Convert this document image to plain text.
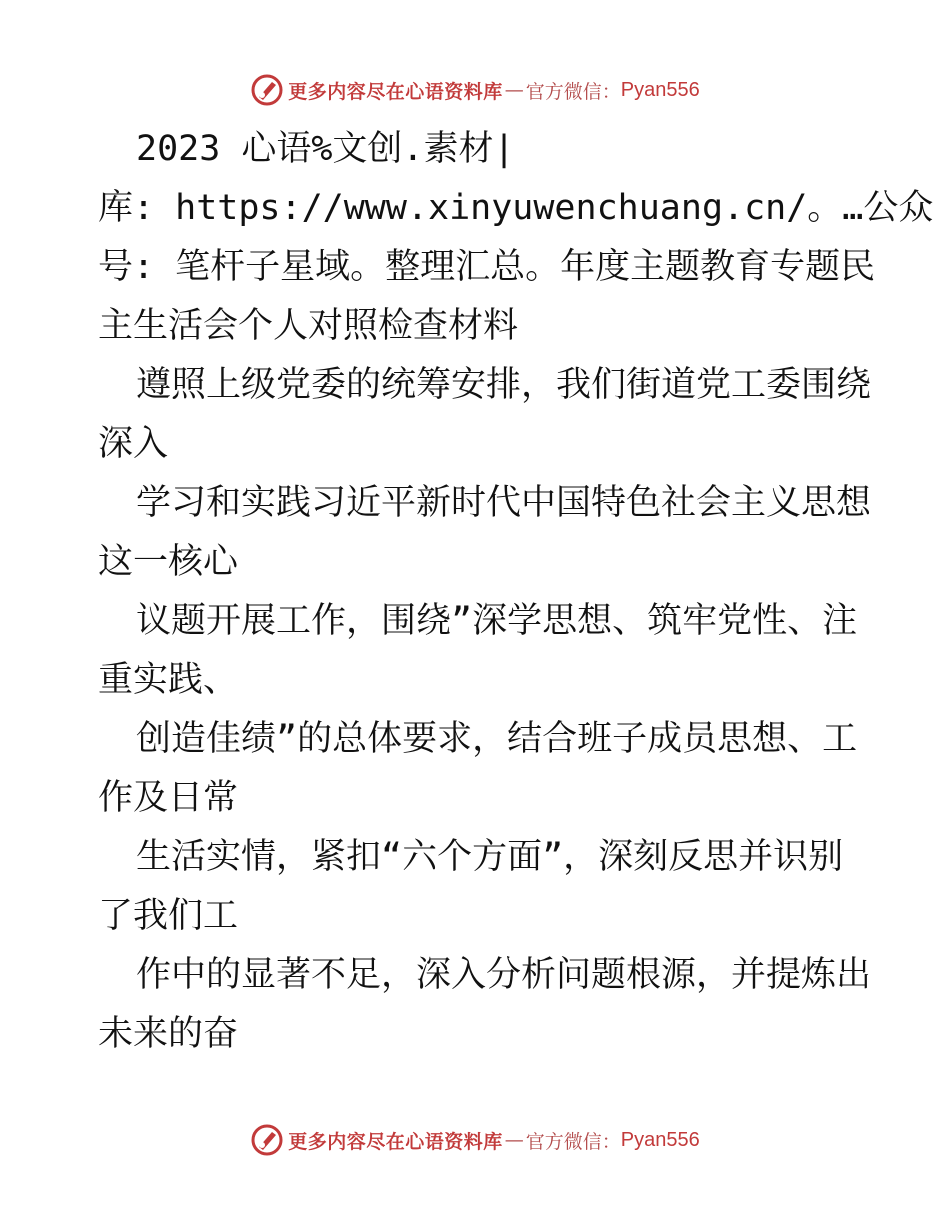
更多内容尽在心语资料库 — 官方微信： Pyan556
2023 心语%文创.素材|
库: https://www.xinyuwenchuang.cn/。…公众
号: 笔杆子星域。整理汇总。年度主题教育专题民
主生活会个人对照检查材料
遵照上级党委的统筹安排，我们街道党工委围绕
深入
学习和实践习近平新时代中国特色社会主义思想
这一核心
议题开展工作，围绕”深学思想、筑牢党性、注
重实践、
创造佳绩”的总体要求，结合班子成员思想、工
作及日常
生活实情，紧扣“六个方面”，深刻反思并识别
了我们工
作中的显著不足，深入分析问题根源，并提炼出
未来的奋
更多内容尽在心语资料库 — 官方微信： Pyan556
